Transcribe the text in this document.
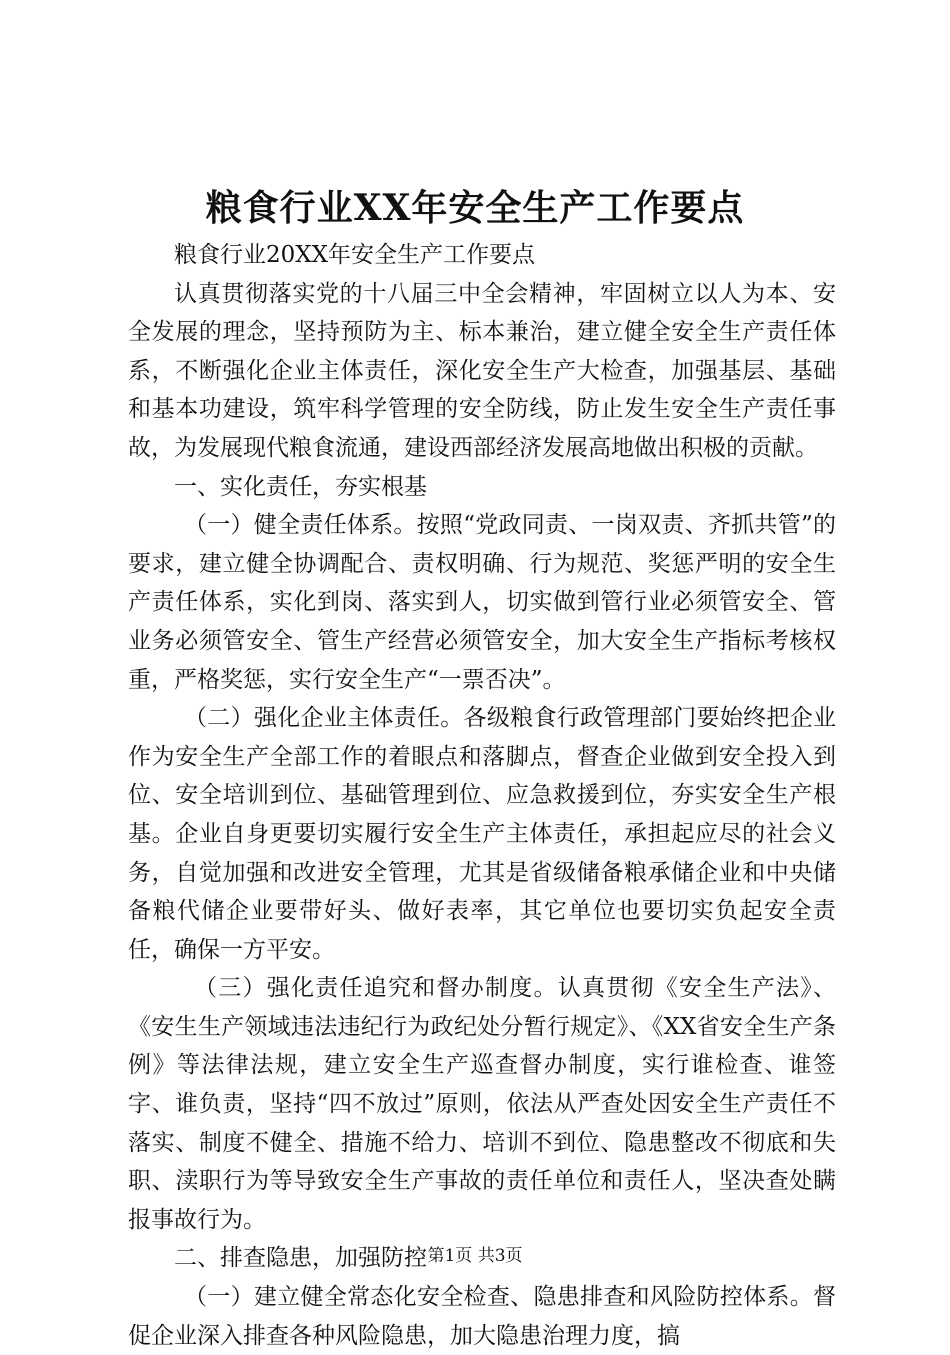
粮食行业XX年安全生产工作要点

粮食行业20XX年安全生产工作要点

认真贯彻落实党的十八届三中全会精神，牢固树立以人为本、安全发展的理念，坚持预防为主、标本兼治，建立健全安全生产责任体系，不断强化企业主体责任，深化安全生产大检查，加强基层、基础和基本功建设，筑牢科学管理的安全防线，防止发生安全生产责任事故，为发展现代粮食流通，建设西部经济发展高地做出积极的贡献。

一、实化责任，夯实根基

（一）健全责任体系。按照“党政同责、一岗双责、齐抓共管”的要求，建立健全协调配合、责权明确、行为规范、奖惩严明的安全生产责任体系，实化到岗、落实到人，切实做到管行业必须管安全、管业务必须管安全、管生产经营必须管安全，加大安全生产指标考核权重，严格奖惩，实行安全生产“一票否决”。

（二）强化企业主体责任。各级粮食行政管理部门要始终把企业作为安全生产全部工作的着眼点和落脚点，督查企业做到安全投入到位、安全培训到位、基础管理到位、应急救援到位，夯实安全生产根基。企业自身更要切实履行安全生产主体责任，承担起应尽的社会义务，自觉加强和改进安全管理，尤其是省级储备粮承储企业和中央储备粮代储企业要带好头、做好表率，其它单位也要切实负起安全责任，确保一方平安。

（三）强化责任追究和督办制度。认真贯彻《安全生产法》、《安生生产领域违法违纪行为政纪处分暂行规定》、《XX省安全生产条例》等法律法规，建立安全生产巡查督办制度，实行谁检查、谁签字、谁负责，坚持“四不放过”原则，依法从严查处因安全生产责任不落实、制度不健全、措施不给力、培训不到位、隐患整改不彻底和失职、渎职行为等导致安全生产事故的责任单位和责任人，坚决查处瞒报事故行为。

二、排查隐患，加强防控

（一）建立健全常态化安全检查、隐患排查和风险防控体系。督促企业深入排查各种风险隐患，加大隐患治理力度，搞

第1页 共3页
